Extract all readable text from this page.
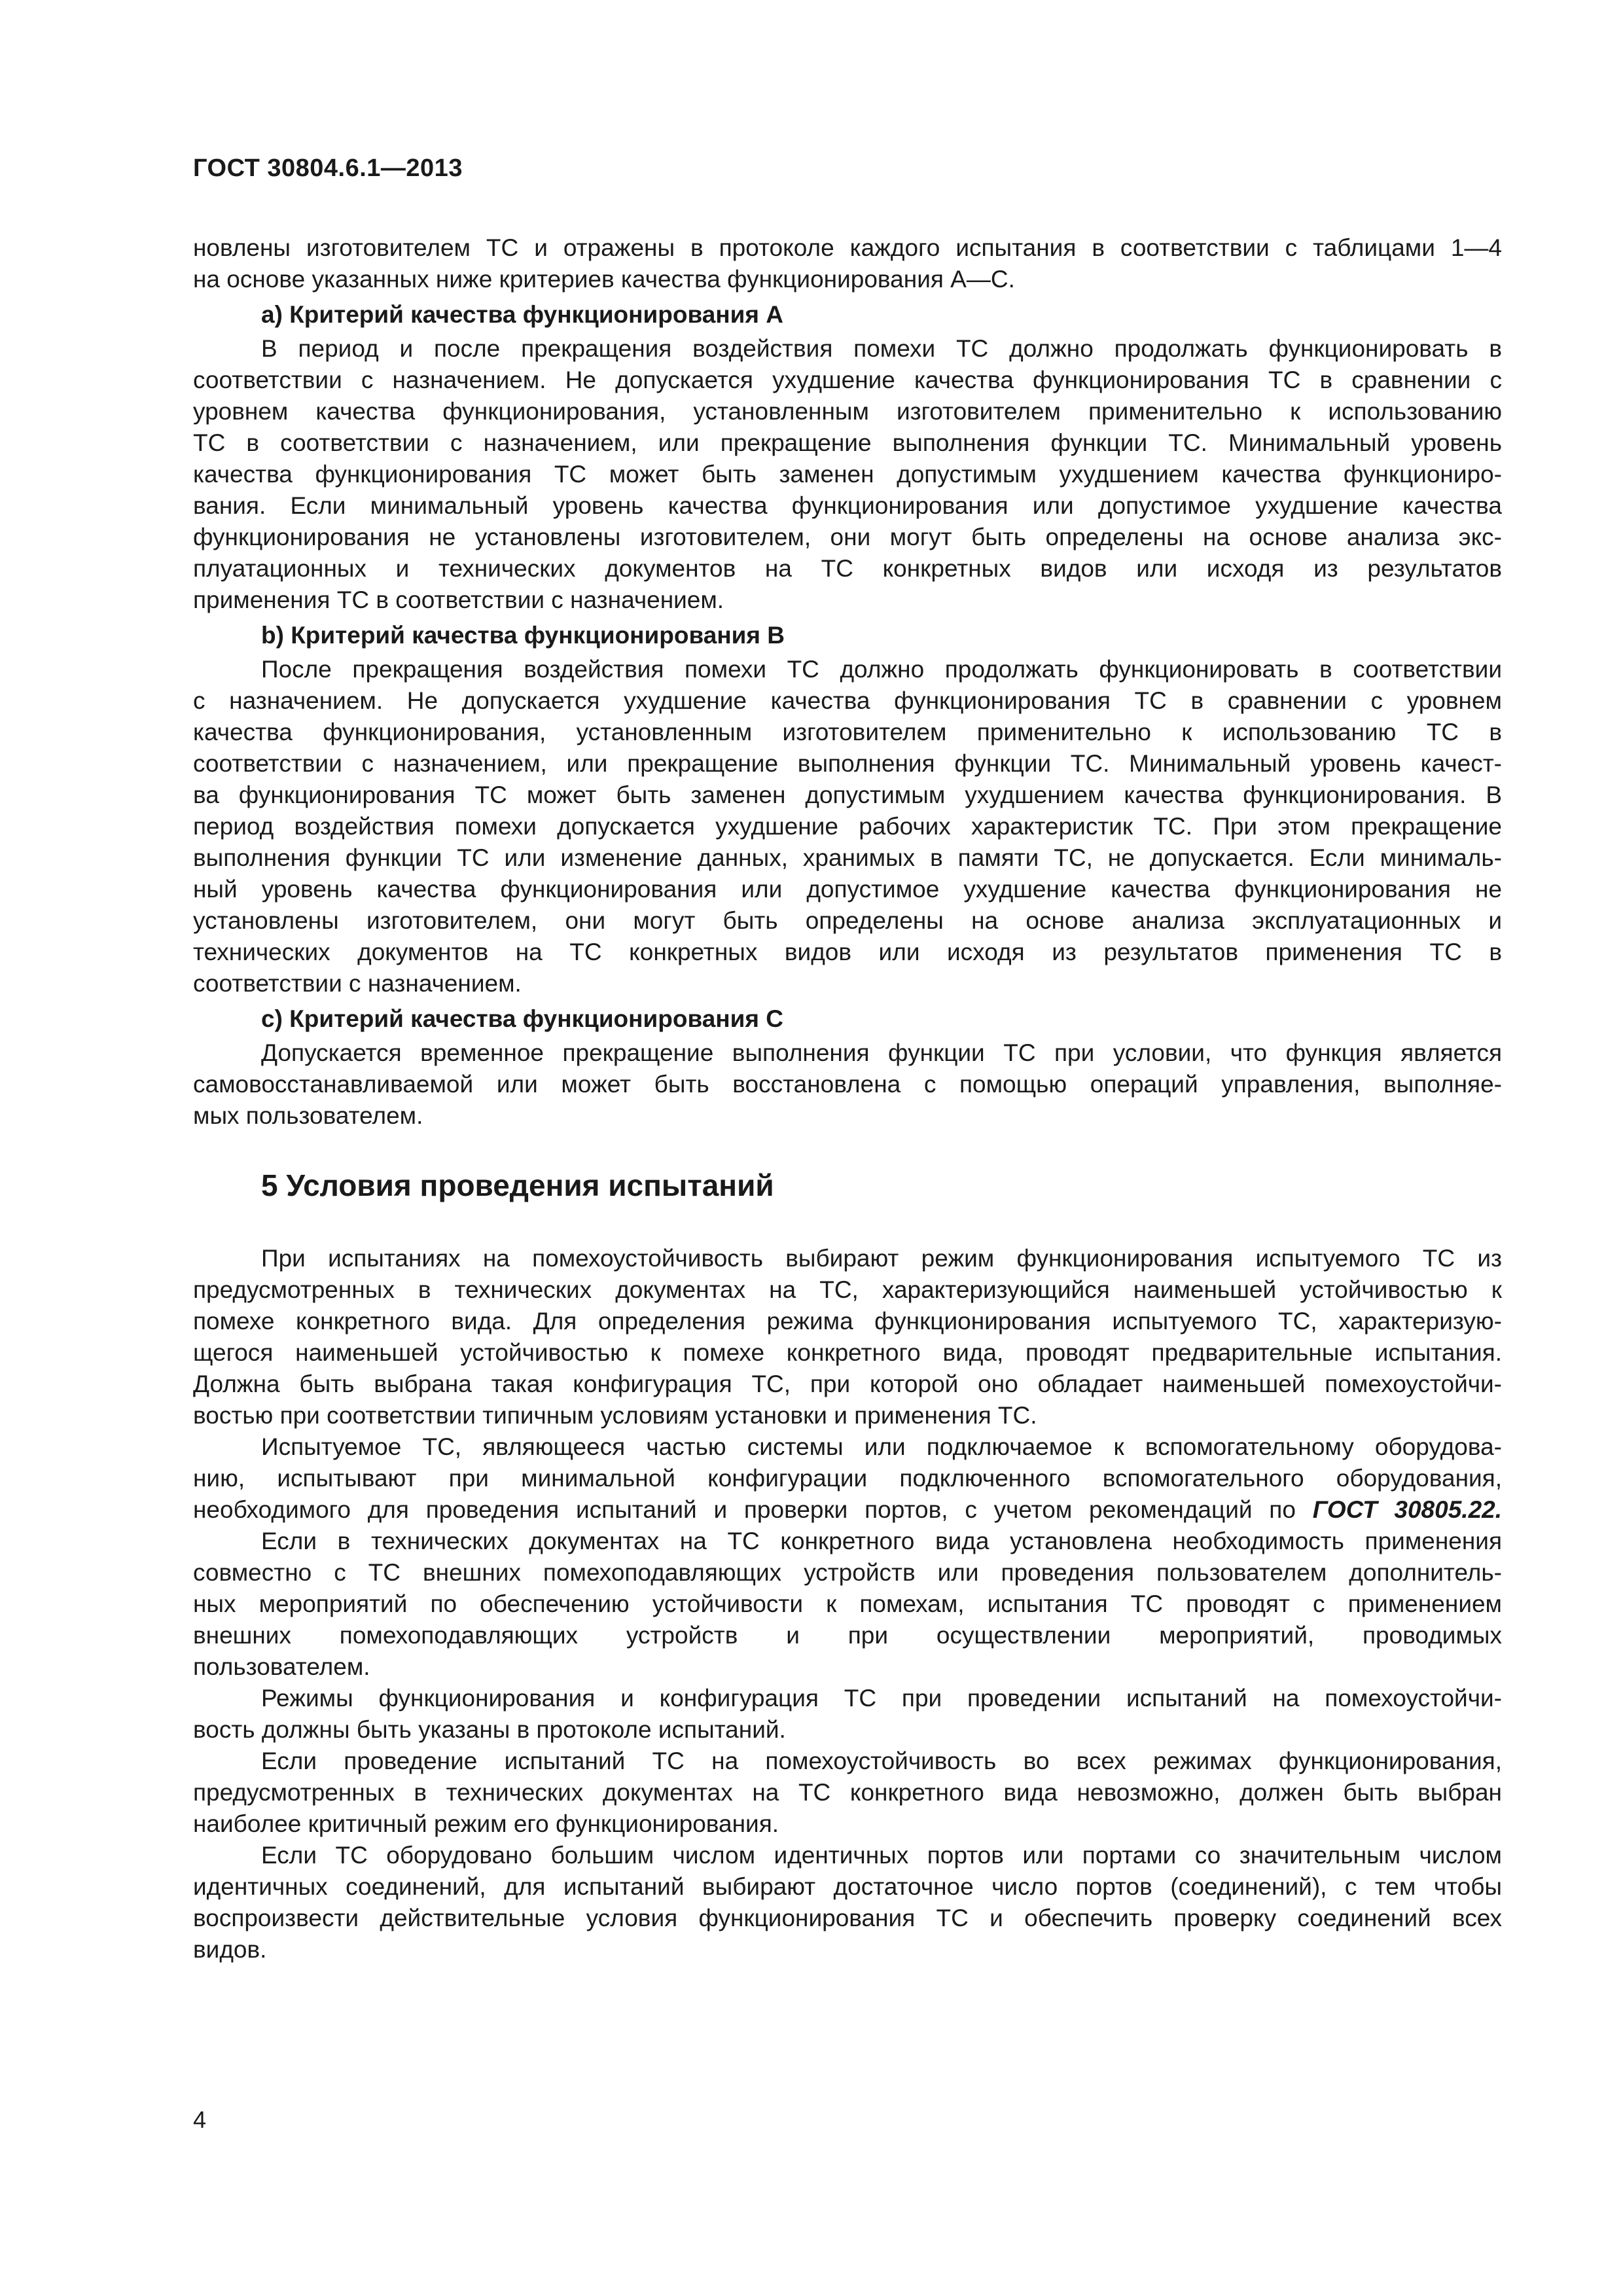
ГОСТ 30804.6.1—2013

новлены изготовителем ТС и отражены в протоколе каждого испытания в соответствии с таблицами 1—4
на основе указанных ниже критериев качества функционирования А—С.

a) Критерий качества функционирования А

В период и после прекращения воздействия помехи ТС должно продолжать функционировать в
соответствии с назначением. Не допускается ухудшение качества функционирования ТС в сравнении с
уровнем качества функционирования, установленным изготовителем применительно к использованию
ТС в соответствии с назначением, или прекращение выполнения функции ТС. Минимальный уровень
качества функционирования ТС может быть заменен допустимым ухудшением качества функциониро-
вания. Если минимальный уровень качества функционирования или допустимое ухудшение качества
функционирования не установлены изготовителем, они могут быть определены на основе анализа экс-
плуатационных и технических документов на ТС конкретных видов или исходя из результатов
применения ТС в соответствии с назначением.

b) Критерий качества функционирования В

После прекращения воздействия помехи ТС должно продолжать функционировать в соответствии
с назначением. Не допускается ухудшение качества функционирования ТС в сравнении с уровнем
качества функционирования, установленным изготовителем применительно к использованию ТС в
соответствии с назначением, или прекращение выполнения функции ТС. Минимальный уровень качест-
ва функционирования ТС может быть заменен допустимым ухудшением качества функционирования. В
период воздействия помехи допускается ухудшение рабочих характеристик ТС. При этом прекращение
выполнения функции ТС или изменение данных, хранимых в памяти ТС, не допускается. Если минималь-
ный уровень качества функционирования или допустимое ухудшение качества функционирования не
установлены изготовителем, они могут быть определены на основе анализа эксплуатационных и
технических документов на ТС конкретных видов или исходя из результатов применения ТС в
соответствии с назначением.

c) Критерий качества функционирования С

Допускается временное прекращение выполнения функции ТС при условии, что функция является
самовосстанавливаемой или может быть восстановлена с помощью операций управления, выполняе-
мых пользователем.

5 Условия проведения испытаний

При испытаниях на помехоустойчивость выбирают режим функционирования испытуемого ТС из
предусмотренных в технических документах на ТС, характеризующийся наименьшей устойчивостью к
помехе конкретного вида. Для определения режима функционирования испытуемого ТС, характеризую-
щегося наименьшей устойчивостью к помехе конкретного вида, проводят предварительные испытания.
Должна быть выбрана такая конфигурация ТС, при которой оно обладает наименьшей помехоустойчи-
востью при соответствии типичным условиям установки и применения ТС.

Испытуемое ТС, являющееся частью системы или подключаемое к вспомогательному оборудова-
нию, испытывают при минимальной конфигурации подключенного вспомогательного оборудования,
необходимого для проведения испытаний и проверки портов, с учетом рекомендаций по ГОСТ 30805.22.

Если в технических документах на ТС конкретного вида установлена необходимость применения
совместно с ТС внешних помехоподавляющих устройств или проведения пользователем дополнитель-
ных мероприятий по обеспечению устойчивости к помехам, испытания ТС проводят с применением
внешних помехоподавляющих устройств и при осуществлении мероприятий, проводимых
пользователем.

Режимы функционирования и конфигурация ТС при проведении испытаний на помехоустойчи-
вость должны быть указаны в протоколе испытаний.

Если проведение испытаний ТС на помехоустойчивость во всех режимах функционирования,
предусмотренных в технических документах на ТС конкретного вида невозможно, должен быть выбран
наиболее критичный режим его функционирования.

Если ТС оборудовано большим числом идентичных портов или портами со значительным числом
идентичных соединений, для испытаний выбирают достаточное число портов (соединений), с тем чтобы
воспроизвести действительные условия функционирования ТС и обеспечить проверку соединений всех
видов.

4
